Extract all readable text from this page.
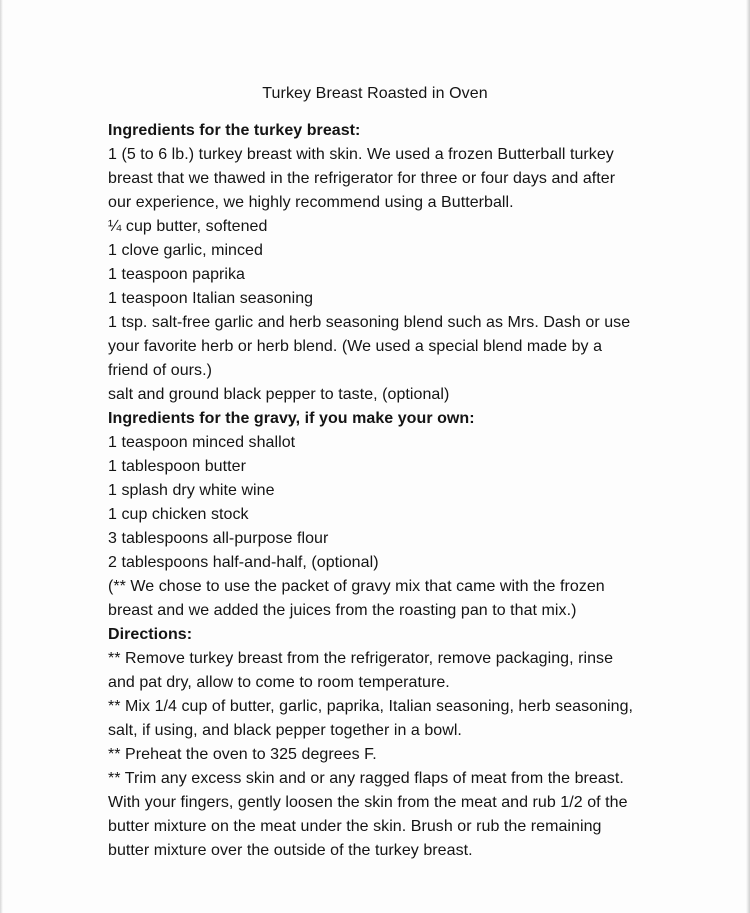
Turkey Breast Roasted in Oven
Ingredients for the turkey breast:
1 (5 to 6 lb.) turkey breast with skin. We used a frozen Butterball turkey
breast that we thawed in the refrigerator for three or four days and after
our experience, we highly recommend using a Butterball.
¼ cup butter, softened
1 clove garlic, minced
1 teaspoon paprika
1 teaspoon Italian seasoning
1 tsp. salt-free garlic and herb seasoning blend such as Mrs. Dash or use
your favorite herb or herb blend. (We used a special blend made by a
friend of ours.)
salt and ground black pepper to taste, (optional)
Ingredients for the gravy, if you make your own:
1 teaspoon minced shallot
1 tablespoon butter
1 splash dry white wine
1 cup chicken stock
3 tablespoons all-purpose flour
2 tablespoons half-and-half, (optional)
(** We chose to use the packet of gravy mix that came with the frozen
breast and we added the juices from the roasting pan to that mix.)
Directions:
** Remove turkey breast from the refrigerator, remove packaging, rinse
and pat dry, allow to come to room temperature.
** Mix 1/4 cup of butter, garlic, paprika, Italian seasoning, herb seasoning,
salt, if using, and black pepper together in a bowl.
** Preheat the oven to 325 degrees F.
** Trim any excess skin and or any ragged flaps of meat from the breast.
With your fingers, gently loosen the skin from the meat and rub 1/2 of the
butter mixture on the meat under the skin. Brush or rub the remaining
butter mixture over the outside of the turkey breast.
